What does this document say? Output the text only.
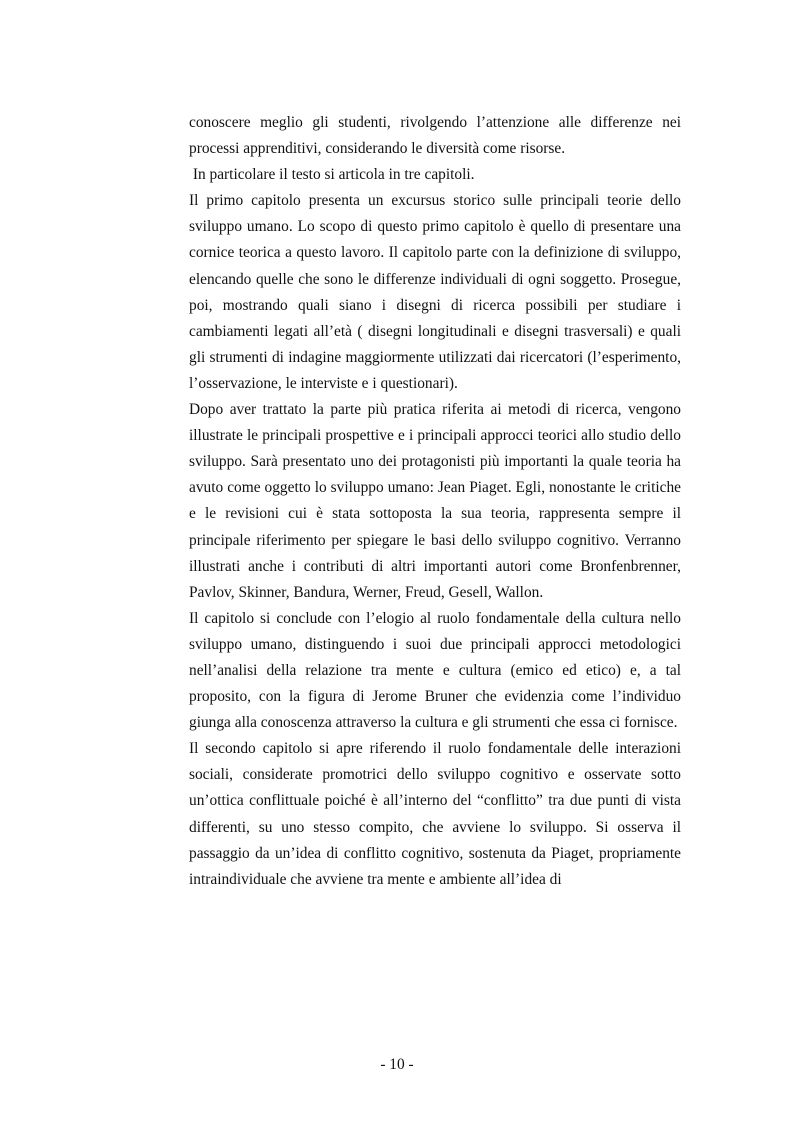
conoscere meglio gli studenti, rivolgendo l’attenzione alle differenze nei processi apprenditivi, considerando le diversità come risorse.

In particolare il testo si articola in tre capitoli.

Il primo capitolo presenta un excursus storico sulle principali teorie dello sviluppo umano. Lo scopo di questo primo capitolo è quello di presentare una cornice teorica a questo lavoro. Il capitolo parte con la definizione di sviluppo, elencando quelle che sono le differenze individuali di ogni soggetto. Prosegue, poi, mostrando quali siano i disegni di ricerca possibili per studiare i cambiamenti legati all’età ( disegni longitudinali e disegni trasversali) e quali gli strumenti di indagine maggiormente utilizzati dai ricercatori (l’esperimento, l’osservazione, le interviste e i questionari).

Dopo aver trattato la parte più pratica riferita ai metodi di ricerca, vengono illustrate le principali prospettive e i principali approcci teorici allo studio dello sviluppo. Sarà presentato uno dei protagonisti più importanti la quale teoria ha avuto come oggetto lo sviluppo umano: Jean Piaget. Egli, nonostante le critiche e le revisioni cui è stata sottoposta la sua teoria, rappresenta sempre il principale riferimento per spiegare le basi dello sviluppo cognitivo. Verranno illustrati anche i contributi di altri importanti autori come Bronfenbrenner, Pavlov, Skinner, Bandura, Werner, Freud, Gesell, Wallon.

Il capitolo si conclude con l’elogio al ruolo fondamentale della cultura nello sviluppo umano, distinguendo i suoi due principali approcci metodologici nell’analisi della relazione tra mente e cultura (emico ed etico) e, a tal proposito, con la figura di Jerome Bruner che evidenzia come l’individuo giunga alla conoscenza attraverso la cultura e gli strumenti che essa ci fornisce.

Il secondo capitolo si apre riferendo il ruolo fondamentale delle interazioni sociali, considerate promotrici dello sviluppo cognitivo e osservate sotto un’ottica conflittuale poiché è all’interno del “conflitto” tra due punti di vista differenti, su uno stesso compito, che avviene lo sviluppo. Si osserva il passaggio da un’idea di conflitto cognitivo, sostenuta da Piaget, propriamente intraindividuale che avviene tra mente e ambiente all’idea di

- 10 -
